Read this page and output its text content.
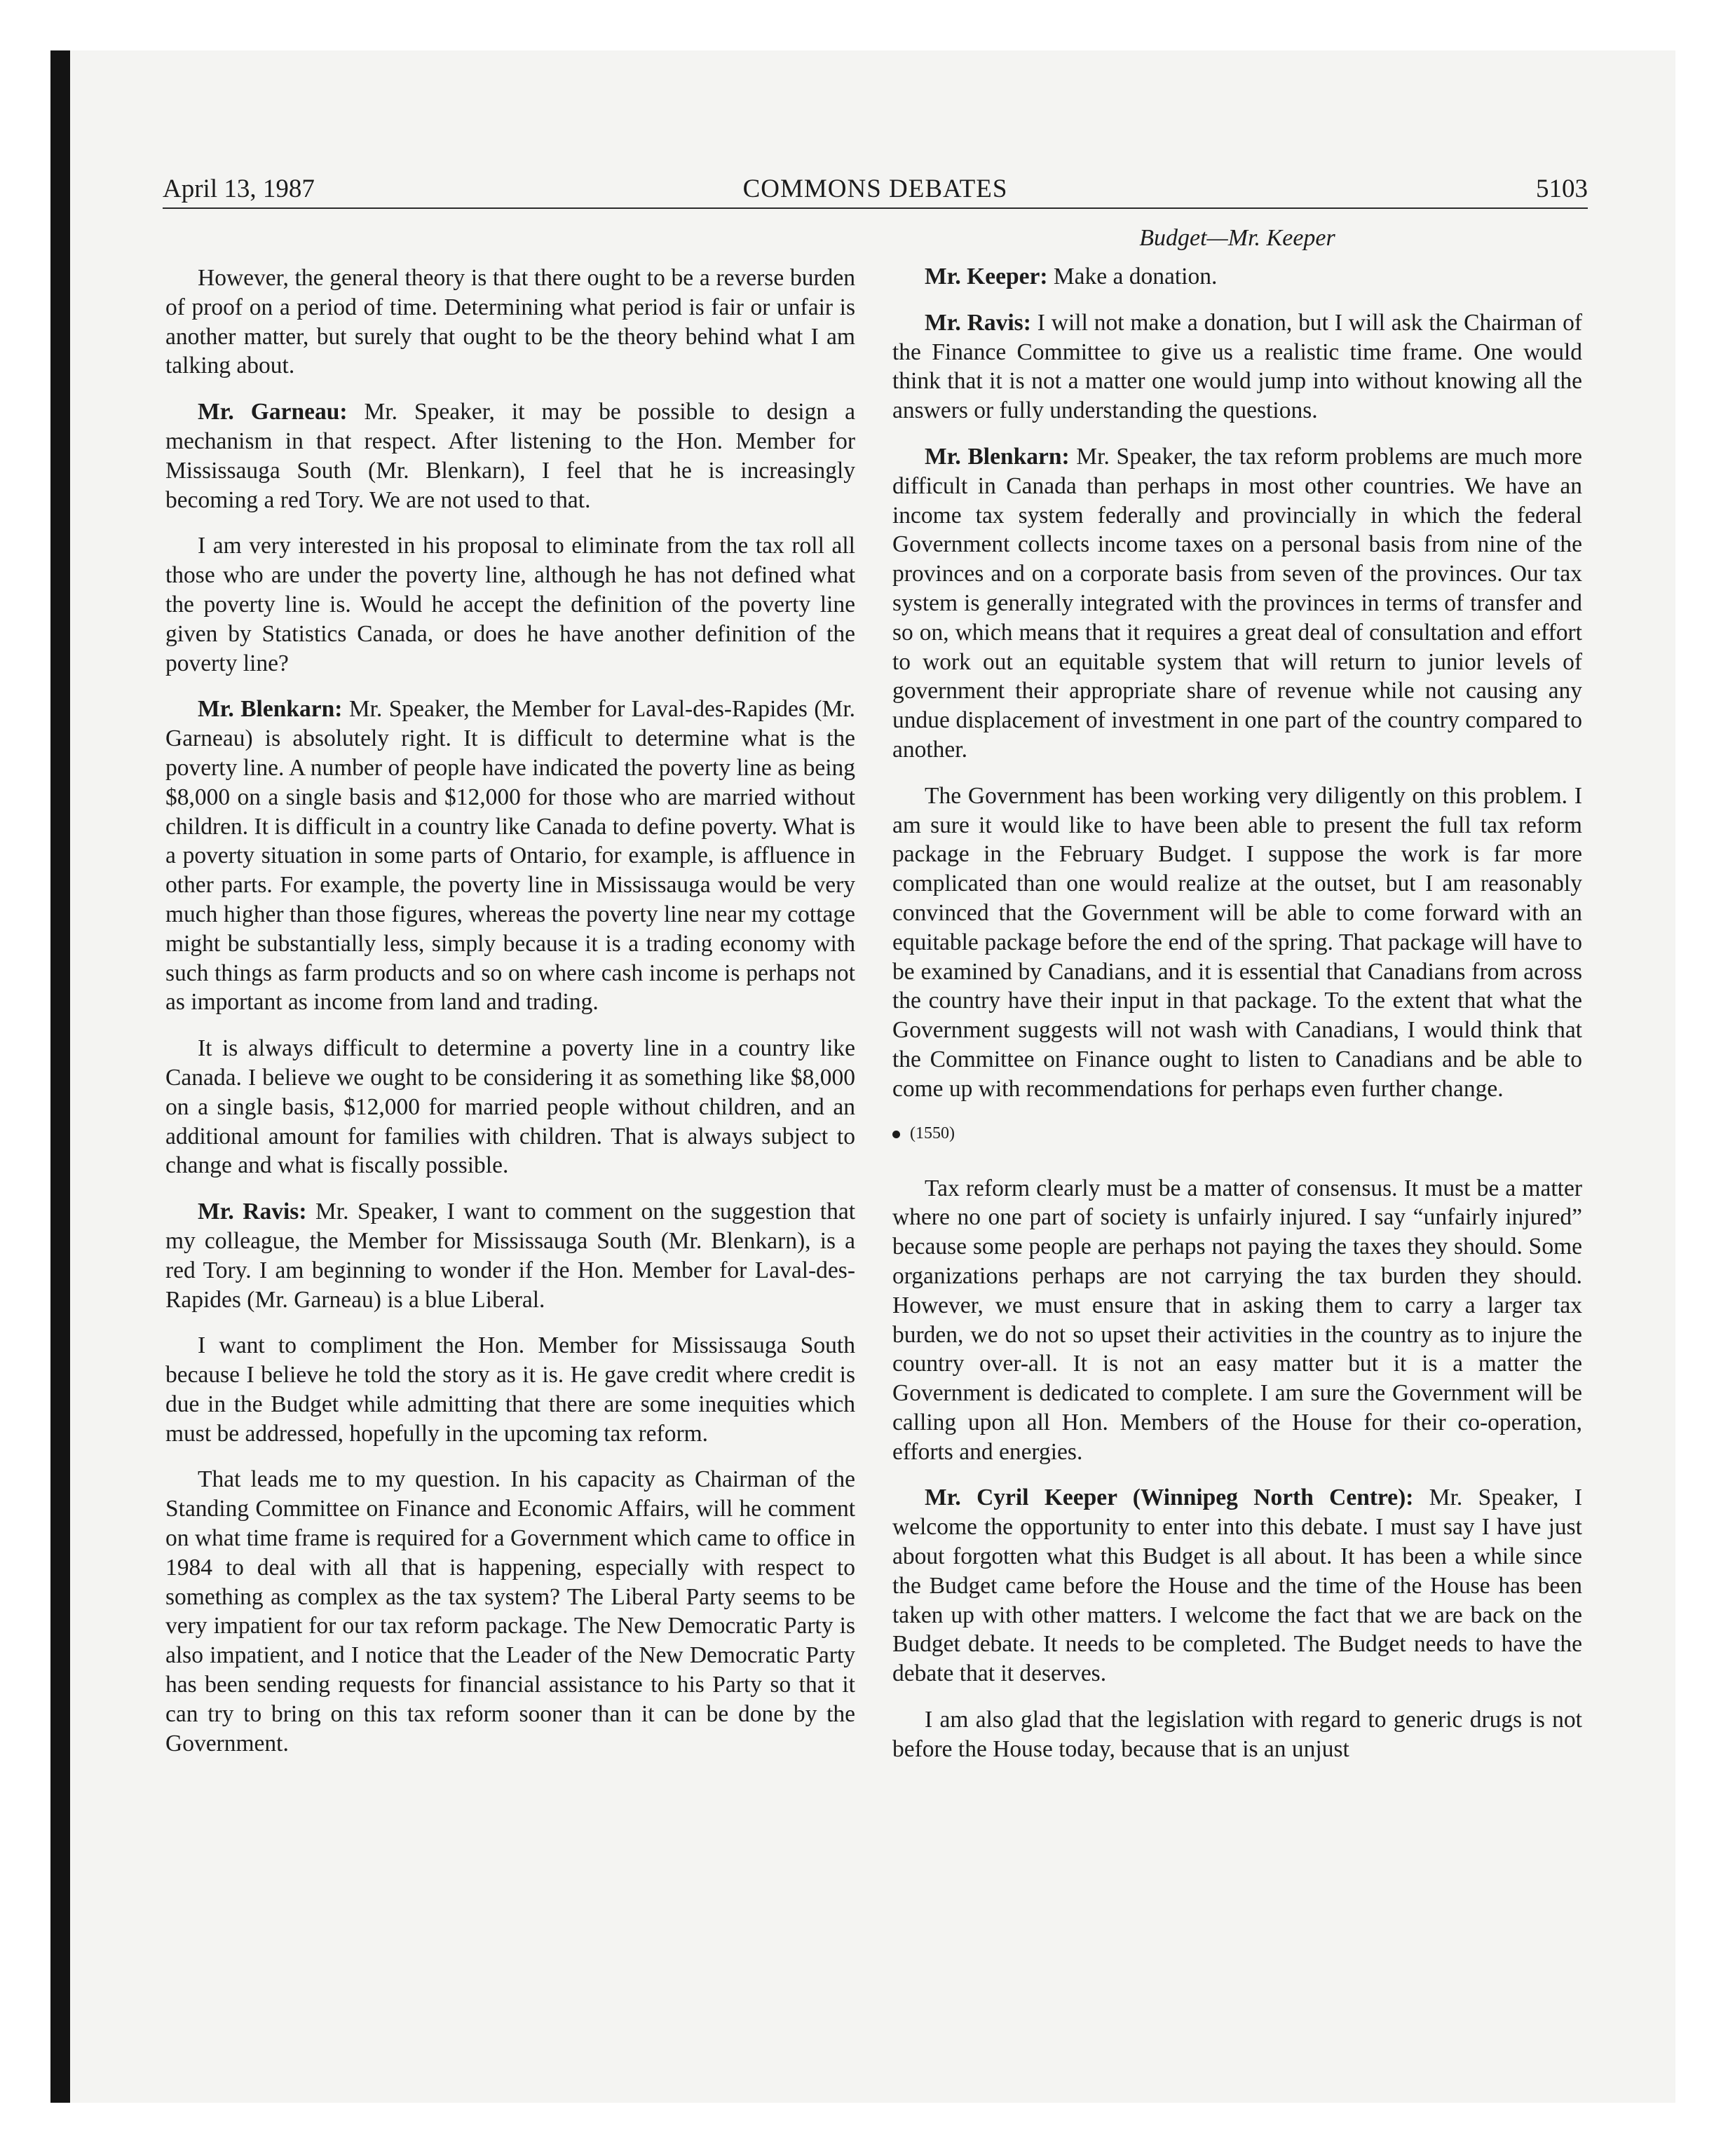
April 13, 1987	COMMONS DEBATES	5103
Budget—Mr. Keeper

However, the general theory is that there ought to be a reverse burden of proof on a period of time. Determining what period is fair or unfair is another matter, but surely that ought to be the theory behind what I am talking about.

Mr. Garneau: Mr. Speaker, it may be possible to design a mechanism in that respect. After listening to the Hon. Member for Mississauga South (Mr. Blenkarn), I feel that he is increasingly becoming a red Tory. We are not used to that.

I am very interested in his proposal to eliminate from the tax roll all those who are under the poverty line, although he has not defined what the poverty line is. Would he accept the definition of the poverty line given by Statistics Canada, or does he have another definition of the poverty line?

Mr. Blenkarn: Mr. Speaker, the Member for Laval-des-Rapides (Mr. Garneau) is absolutely right. It is difficult to determine what is the poverty line. A number of people have indicated the poverty line as being $8,000 on a single basis and $12,000 for those who are married without children. It is difficult in a country like Canada to define poverty. What is a poverty situation in some parts of Ontario, for example, is affluence in other parts. For example, the poverty line in Mississauga would be very much higher than those figures, whereas the poverty line near my cottage might be substantially less, simply because it is a trading economy with such things as farm products and so on where cash income is perhaps not as important as income from land and trading.

It is always difficult to determine a poverty line in a country like Canada. I believe we ought to be considering it as something like $8,000 on a single basis, $12,000 for married people without children, and an additional amount for families with children. That is always subject to change and what is fiscally possible.

Mr. Ravis: Mr. Speaker, I want to comment on the suggestion that my colleague, the Member for Mississauga South (Mr. Blenkarn), is a red Tory. I am beginning to wonder if the Hon. Member for Laval-des-Rapides (Mr. Garneau) is a blue Liberal.

I want to compliment the Hon. Member for Mississauga South because I believe he told the story as it is. He gave credit where credit is due in the Budget while admitting that there are some inequities which must be addressed, hopefully in the upcoming tax reform.

That leads me to my question. In his capacity as Chairman of the Standing Committee on Finance and Economic Affairs, will he comment on what time frame is required for a Government which came to office in 1984 to deal with all that is happening, especially with respect to something as complex as the tax system? The Liberal Party seems to be very impatient for our tax reform package. The New Democratic Party is also impatient, and I notice that the Leader of the New Democratic Party has been sending requests for financial assistance to his Party so that it can try to bring on this tax reform sooner than it can be done by the Government.

Mr. Keeper: Make a donation.

Mr. Ravis: I will not make a donation, but I will ask the Chairman of the Finance Committee to give us a realistic time frame. One would think that it is not a matter one would jump into without knowing all the answers or fully understanding the questions.

Mr. Blenkarn: Mr. Speaker, the tax reform problems are much more difficult in Canada than perhaps in most other countries. We have an income tax system federally and provincially in which the federal Government collects income taxes on a personal basis from nine of the provinces and on a corporate basis from seven of the provinces. Our tax system is generally integrated with the provinces in terms of transfer and so on, which means that it requires a great deal of consultation and effort to work out an equitable system that will return to junior levels of government their appropriate share of revenue while not causing any undue displacement of investment in one part of the country compared to another.

The Government has been working very diligently on this problem. I am sure it would like to have been able to present the full tax reform package in the February Budget. I suppose the work is far more complicated than one would realize at the outset, but I am reasonably convinced that the Government will be able to come forward with an equitable package before the end of the spring. That package will have to be examined by Canadians, and it is essential that Canadians from across the country have their input in that package. To the extent that what the Government suggests will not wash with Canadians, I would think that the Committee on Finance ought to listen to Canadians and be able to come up with recommendations for perhaps even further change.

(1550)

Tax reform clearly must be a matter of consensus. It must be a matter where no one part of society is unfairly injured. I say “unfairly injured” because some people are perhaps not paying the taxes they should. Some organizations perhaps are not carrying the tax burden they should. However, we must ensure that in asking them to carry a larger tax burden, we do not so upset their activities in the country as to injure the country over-all. It is not an easy matter but it is a matter the Government is dedicated to complete. I am sure the Government will be calling upon all Hon. Members of the House for their co-operation, efforts and energies.

Mr. Cyril Keeper (Winnipeg North Centre): Mr. Speaker, I welcome the opportunity to enter into this debate. I must say I have just about forgotten what this Budget is all about. It has been a while since the Budget came before the House and the time of the House has been taken up with other matters. I welcome the fact that we are back on the Budget debate. It needs to be completed. The Budget needs to have the debate that it deserves.

I am also glad that the legislation with regard to generic drugs is not before the House today, because that is an unjust
